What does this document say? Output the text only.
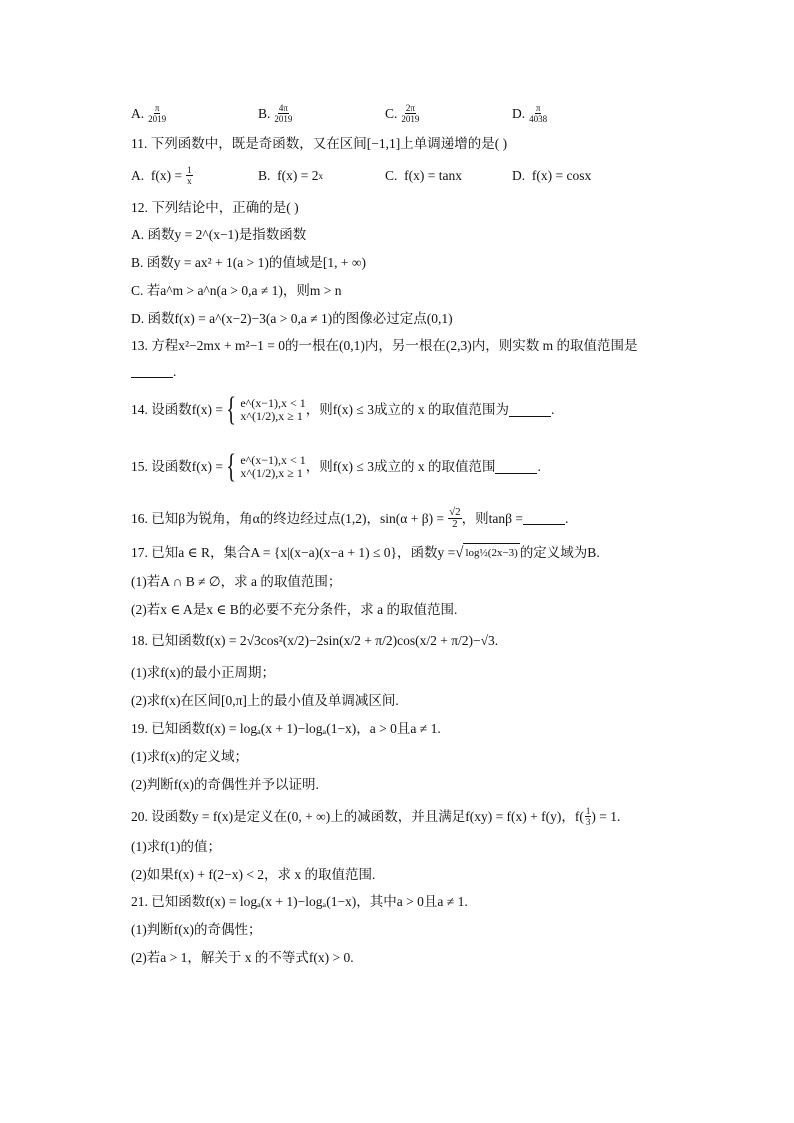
A. $\frac{\pi}{2019}$	B. $\frac{4\pi}{2019}$	C. $\frac{2\pi}{2019}$	D. $\frac{\pi}{4038}$
11. 下列函数中，既是奇函数，又在区间[−1,1]上单调递增的是( )
A.
$f(x) = \frac{1}{x}$	B.
f(x) = 2 x	C.
f(x) = tanx	D.
f(x) = cosx
12. 下列结论中，正确的是( )
A. 函数y = 2^(x−1)是指数函数
B. 函数y = ax² + 1(a > 1)的值域是[1, + ∞)
C. 若a^m > a^n(a > 0,a ≠ 1)，则m > n
D. 函数f(x) = a^(x−2)−3(a > 0,a ≠ 1)的图像必过定点(0,1)
13. 方程x²−2mx + m²−1 = 0的一根在(0,1)内，另一根在(2,3)内，则实数 m 的取值范围是
.
14. 设函数f(x) = { e^(x−1),x < 1
x^(1/2),x ≥ 1 ，则f(x) ≤ 3成立的 x 的取值范围为	.
15. 设函数f(x) = { e^(x−1),x < 1
x^(1/2),x ≥ 1 ，则f(x) ≤ 3成立的 x 的取值范围	.
16. 已知β为锐角，角α的终边经过点(1,2)，$\sin(\alpha + \beta) = \frac{√2}{2}$ ，则tanβ =	.
17. 已知a ∈ R，集合A = {x|(x−a)(x−a + 1) ≤ 0}，函数y = √ log½(2x−3) 的定义域为B.
(1)若A ∩ B ≠ ∅，求 a 的取值范围；
(2)若x ∈ A是x ∈ B的必要不充分条件，求 a 的取值范围.
18. 已知函数f(x) = 2√3cos²(x/2)−2sin(x/2 + π/2)cos(x/2 + π/2)−√3.
(1)求f(x)的最小正周期；
(2)求f(x)在区间[0,π]上的最小值及单调减区间.
19. 已知函数f(x) = logₐ(x + 1)−logₐ(1−x)，a > 0且a ≠ 1.
(1)求f(x)的定义域；
(2)判断f(x)的奇偶性并予以证明.
20. 设函数y = f(x)是定义在(0, + ∞)上的减函数，并且满足f(xy) = f(x) + f(y)，$f( \frac{1}{3}$ ) = 1.
(1)求f(1)的值；
(2)如果f(x) + f(2−x) < 2，求 x 的取值范围.
21. 已知函数f(x) = logₐ(x + 1)−logₐ(1−x)，其中a > 0且a ≠ 1.
(1)判断f(x)的奇偶性；
(2)若a > 1，解关于 x 的不等式f(x) > 0.
